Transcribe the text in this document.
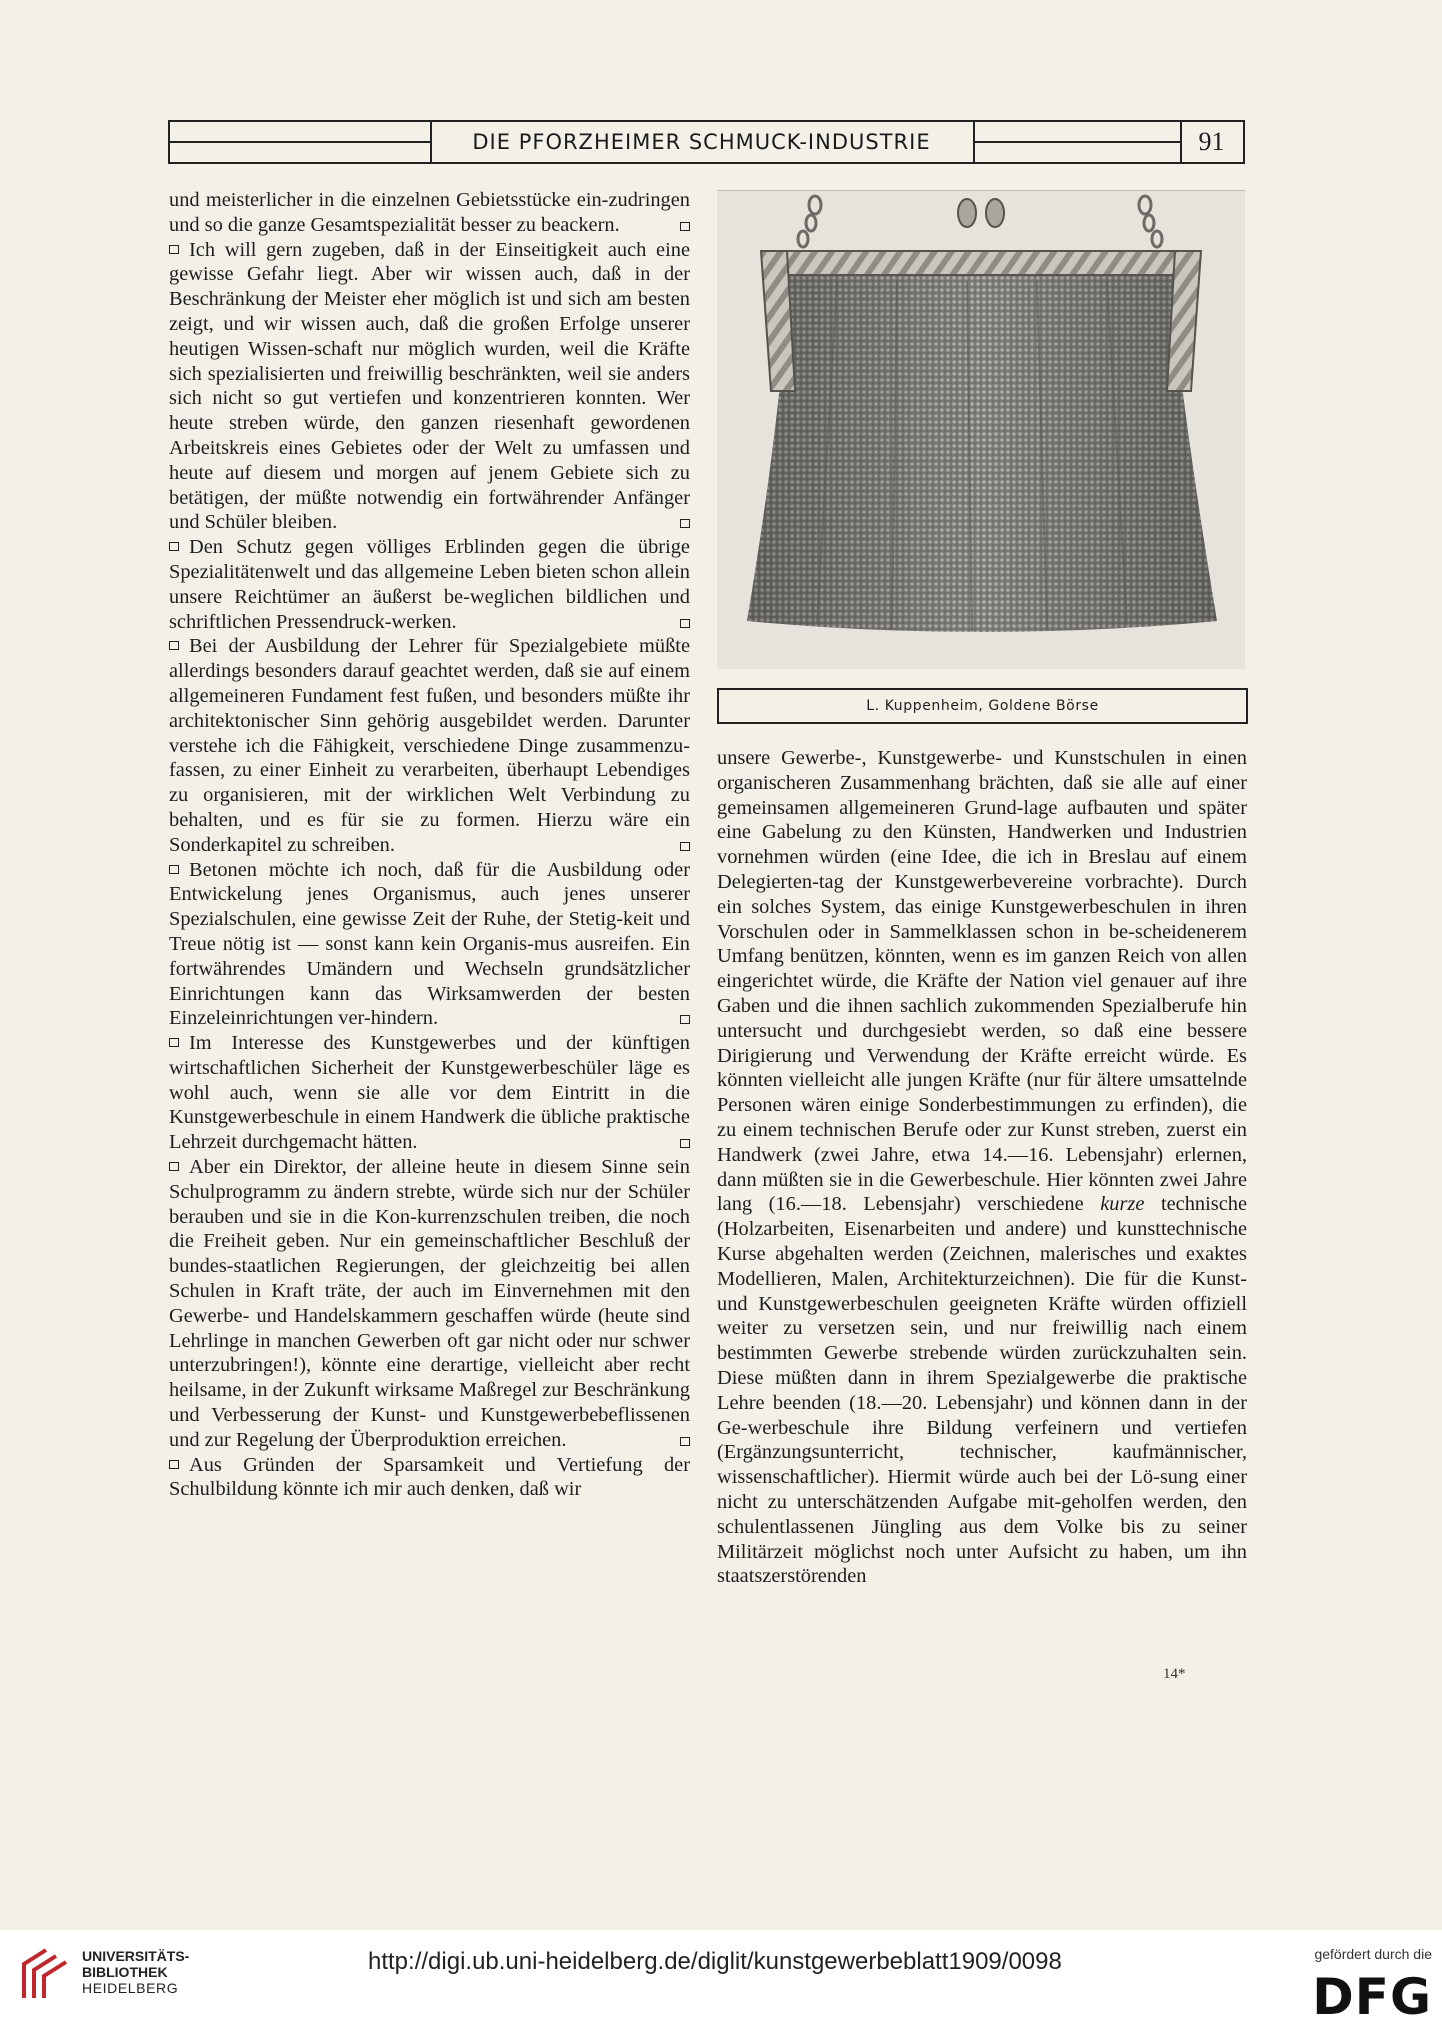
DIE PFORZHEIMER SCHMUCK-INDUSTRIE	91

und meisterlicher in die einzelnen Gebietsstücke ein-zudringen und so die ganze Gesamtspezialität besser zu beackern.

Ich will gern zugeben, daß in der Einseitigkeit auch eine gewisse Gefahr liegt. Aber wir wissen auch, daß in der Beschränkung der Meister eher möglich ist und sich am besten zeigt, und wir wissen auch, daß die großen Erfolge unserer heutigen Wissen-schaft nur möglich wurden, weil die Kräfte sich spezialisierten und freiwillig beschränkten, weil sie anders sich nicht so gut vertiefen und konzentrieren konnten. Wer heute streben würde, den ganzen riesenhaft gewordenen Arbeitskreis eines Gebietes oder der Welt zu umfassen und heute auf diesem und morgen auf jenem Gebiete sich zu betätigen, der müßte notwendig ein fortwährender Anfänger und Schüler bleiben.

Den Schutz gegen völliges Erblinden gegen die übrige Spezialitätenwelt und das allgemeine Leben bieten schon allein unsere Reichtümer an äußerst be-weglichen bildlichen und schriftlichen Pressendruck-werken.

Bei der Ausbildung der Lehrer für Spezialgebiete müßte allerdings besonders darauf geachtet werden, daß sie auf einem allgemeineren Fundament fest fußen, und besonders müßte ihr architektonischer Sinn gehörig ausgebildet werden. Darunter verstehe ich die Fähigkeit, verschiedene Dinge zusammenzu-fassen, zu einer Einheit zu verarbeiten, überhaupt Lebendiges zu organisieren, mit der wirklichen Welt Verbindung zu behalten, und es für sie zu formen. Hierzu wäre ein Sonderkapitel zu schreiben.

Betonen möchte ich noch, daß für die Ausbildung oder Entwickelung jenes Organismus, auch jenes unserer Spezialschulen, eine gewisse Zeit der Ruhe, der Stetig-keit und Treue nötig ist — sonst kann kein Organis-mus ausreifen. Ein fortwährendes Umändern und Wechseln grundsätzlicher Einrichtungen kann das Wirksamwerden der besten Einzeleinrichtungen ver-hindern.

Im Interesse des Kunstgewerbes und der künftigen wirtschaftlichen Sicherheit der Kunstgewerbeschüler läge es wohl auch, wenn sie alle vor dem Eintritt in die Kunstgewerbeschule in einem Handwerk die übliche praktische Lehrzeit durchgemacht hätten.

Aber ein Direktor, der alleine heute in diesem Sinne sein Schulprogramm zu ändern strebte, würde sich nur der Schüler berauben und sie in die Kon-kurrenzschulen treiben, die noch die Freiheit geben. Nur ein gemeinschaftlicher Beschluß der bundes-staatlichen Regierungen, der gleichzeitig bei allen Schulen in Kraft träte, der auch im Einvernehmen mit den Gewerbe- und Handelskammern geschaffen würde (heute sind Lehrlinge in manchen Gewerben oft gar nicht oder nur schwer unterzubringen!), könnte eine derartige, vielleicht aber recht heilsame, in der Zukunft wirksame Maßregel zur Beschränkung und Verbesserung der Kunst- und Kunstgewerbebeflissenen und zur Regelung der Überproduktion erreichen.

Aus Gründen der Sparsamkeit und Vertiefung der Schulbildung könnte ich mir auch denken, daß wir

L. Kuppenheim, Goldene Börse

unsere Gewerbe-, Kunstgewerbe- und Kunstschulen in einen organischeren Zusammenhang brächten, daß sie alle auf einer gemeinsamen allgemeineren Grund-lage aufbauten und später eine Gabelung zu den Künsten, Handwerken und Industrien vornehmen würden (eine Idee, die ich in Breslau auf einem Delegierten-tag der Kunstgewerbevereine vorbrachte). Durch ein solches System, das einige Kunstgewerbeschulen in ihren Vorschulen oder in Sammelklassen schon in be-scheidenerem Umfang benützen, könnten, wenn es im ganzen Reich von allen eingerichtet würde, die Kräfte der Nation viel genauer auf ihre Gaben und die ihnen sachlich zukommenden Spezialberufe hin untersucht und durchgesiebt werden, so daß eine bessere Dirigierung und Verwendung der Kräfte erreicht würde. Es könnten vielleicht alle jungen Kräfte (nur für ältere umsattelnde Personen wären einige Sonderbestimmungen zu erfinden), die zu einem technischen Berufe oder zur Kunst streben, zuerst ein Handwerk (zwei Jahre, etwa 14.—16. Lebensjahr) erlernen, dann müßten sie in die Gewerbeschule. Hier könnten zwei Jahre lang (16.—18. Lebensjahr) verschiedene kurze technische (Holzarbeiten, Eisenarbeiten und andere) und kunsttechnische Kurse abgehalten werden (Zeichnen, malerisches und exaktes Modellieren, Malen, Architekturzeichnen). Die für die Kunst- und Kunstgewerbeschulen geeigneten Kräfte würden offiziell weiter zu versetzen sein, und nur freiwillig nach einem bestimmten Gewerbe strebende würden zurückzuhalten sein. Diese müßten dann in ihrem Spezialgewerbe die praktische Lehre beenden (18.—20. Lebensjahr) und können dann in der Ge-werbeschule ihre Bildung verfeinern und vertiefen (Ergänzungsunterricht, technischer, kaufmännischer, wissenschaftlicher). Hiermit würde auch bei der Lö-sung einer nicht zu unterschätzenden Aufgabe mit-geholfen werden, den schulentlassenen Jüngling aus dem Volke bis zu seiner Militärzeit möglichst noch unter Aufsicht zu haben, um ihn staatszerstörenden

14*
UNIVERSITÄTS-
BIBLIOTHEK
HEIDELBERG
http://digi.ub.uni-heidelberg.de/diglit/kunstgewerbeblatt1909/0098	gefördert durch die
DFG
